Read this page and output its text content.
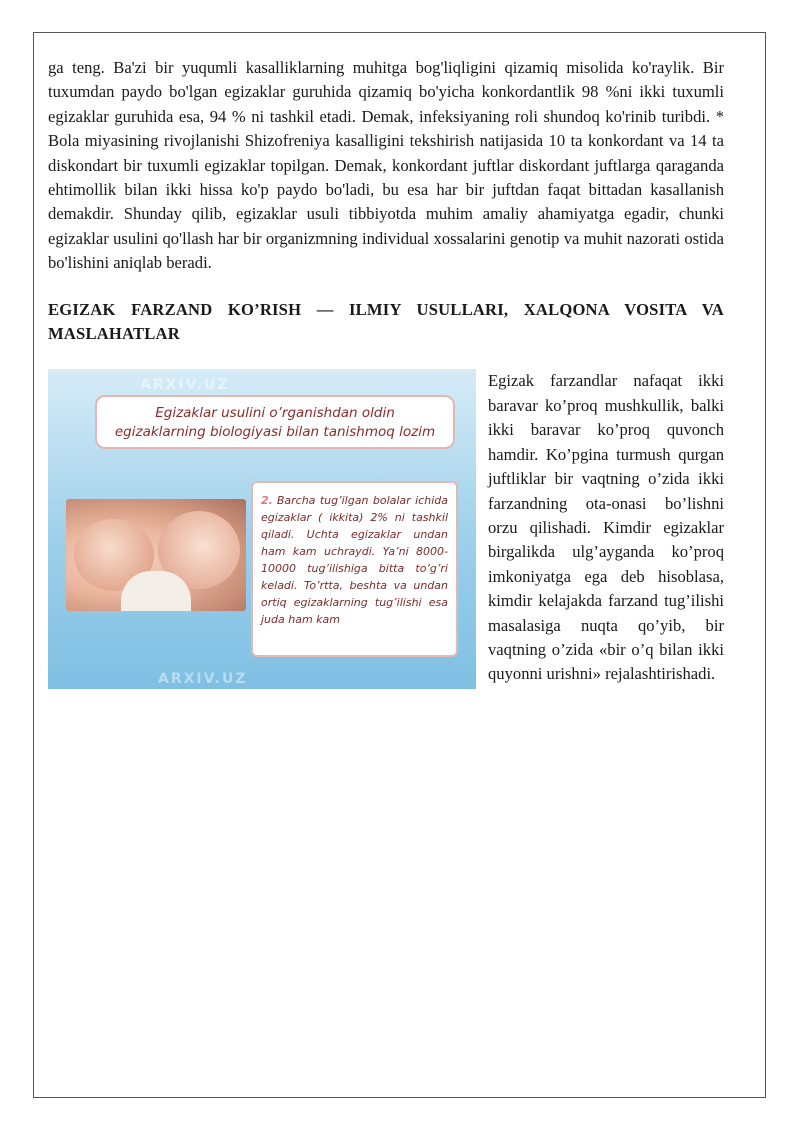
ga teng. Ba'zi bir yuqumli kasalliklarning muhitga bog'liqligini qizamiq misolida ko'raylik. Bir tuxumdan paydo bo'lgan egizaklar guruhida qizamiq bo'yicha konkordantlik 98 %ni ikki tuxumli egizaklar guruhida esa, 94 % ni tashkil etadi. Demak, infeksiyaning roli shundoq ko'rinib turibdi. * Bola miyasining rivojlanishi Shizofreniya kasalligini tekshirish natijasida 10 ta konkordant va 14 ta diskondart bir tuxumli egizaklar topilgan. Demak, konkordant juftlar diskordant juftlarga qaraganda ehtimollik bilan ikki hissa ko'p paydo bo'ladi, bu esa har bir juftdan faqat bittadan kasallanish demakdir. Shunday qilib, egizaklar usuli tibbiyotda muhim amaliy ahamiyatga egadir, chunki egizaklar usulini qo'llash har bir organizmning individual xossalarini genotip va muhit nazorati ostida bo'lishini aniqlab beradi.

EGIZAK FARZAND KO’RISH — ILMIY USULLARI, XALQONA VOSITA VA MASLAHATLAR
ARXIV.UZ
Egizaklar usulini o’rganishdan oldin
egizaklarning biologiyasi bilan tanishmoq lozim
2. Barcha tug’ilgan bolalar ichida egizaklar ( ikkita) 2% ni tashkil qiladi. Uchta egizaklar undan ham kam uchraydi. Ya’ni 8000-10000 tug’ilishiga bitta to’g’ri keladi. To’rtta, beshta va undan ortiq egizaklarning tug’ilishi esa juda ham kam
ARXIV.UZ

Egizak farzandlar nafaqat ikki baravar ko’proq mushkullik, balki ikki baravar ko’proq quvonch hamdir. Ko’pgina turmush qurgan juftliklar bir vaqtning o’zida ikki farzandning ota-onasi bo’lishni orzu qilishadi. Kimdir egizaklar birgalikda ulg’ayganda ko’proq imkoniyatga ega deb hisoblasa, kimdir kelajakda farzand tug’ilishi masalasiga nuqta qo’yib, bir vaqtning o’zida «bir o’q bilan ikki quyonni urishni» rejalashtirishadi.
